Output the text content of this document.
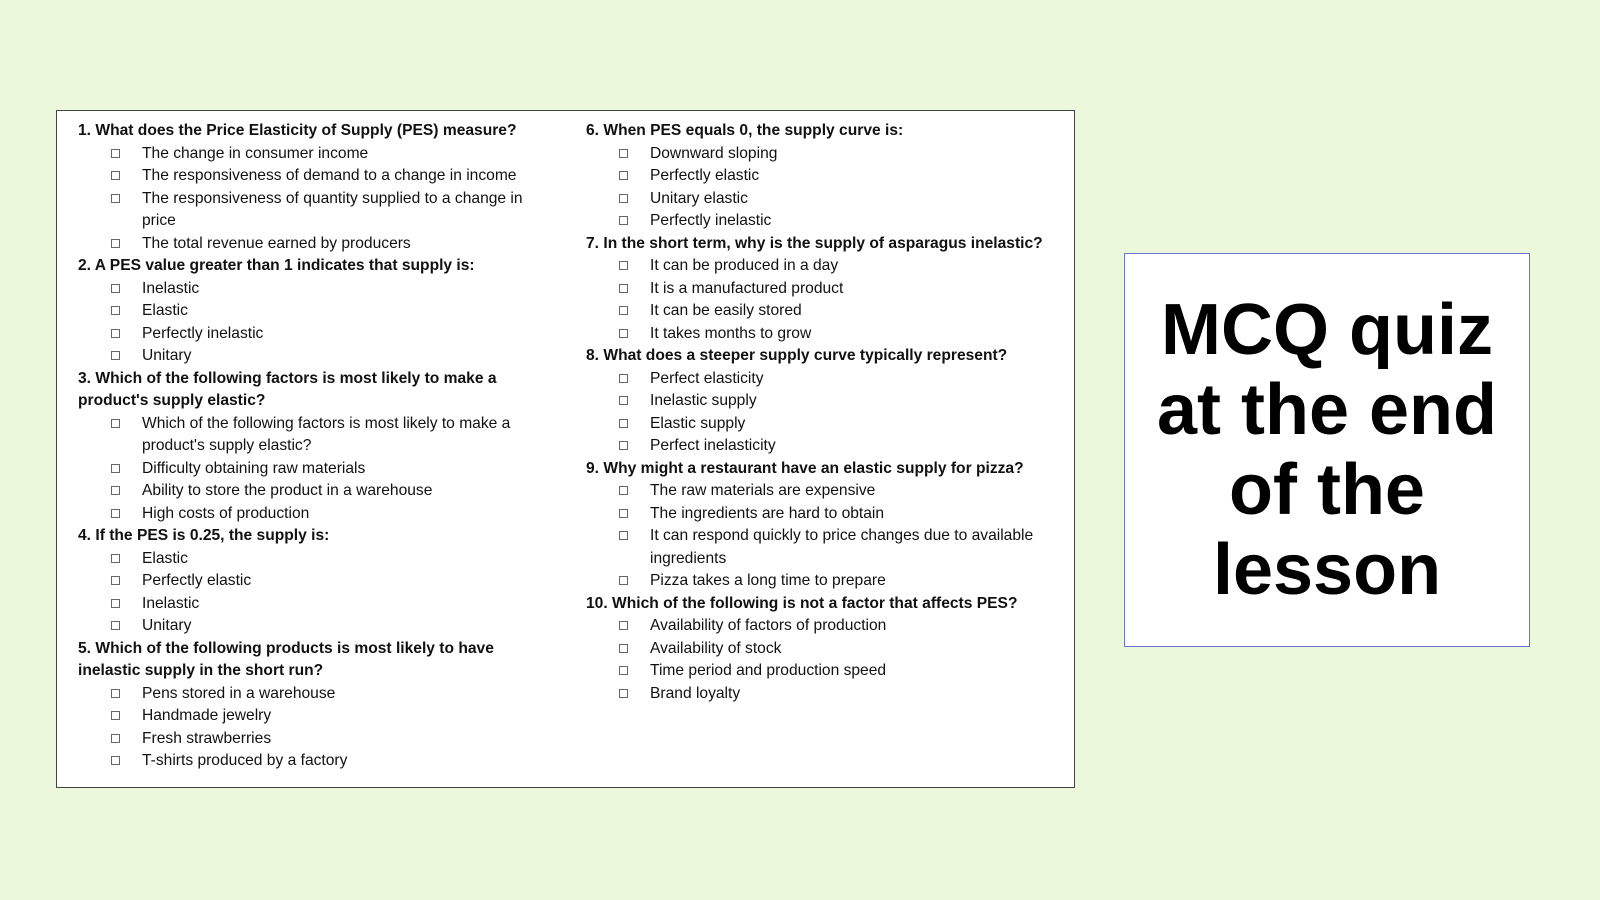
1. What does the Price Elasticity of Supply (PES) measure?

The change in consumer income
The responsiveness of demand to a change in income
The responsiveness of quantity supplied to a change in price
The total revenue earned by producers

2. A PES value greater than 1 indicates that supply is:

Inelastic
Elastic
Perfectly inelastic
Unitary

3. Which of the following factors is most likely to make a product's supply elastic?

Which of the following factors is most likely to make a product's supply elastic?
Difficulty obtaining raw materials
Ability to store the product in a warehouse
High costs of production

4. If the PES is 0.25, the supply is:

Elastic
Perfectly elastic
Inelastic
Unitary

5. Which of the following products is most likely to have inelastic supply in the short run?

Pens stored in a warehouse
Handmade jewelry
Fresh strawberries
T-shirts produced by a factory

6. When PES equals 0, the supply curve is:

Downward sloping
Perfectly elastic
Unitary elastic
Perfectly inelastic

7. In the short term, why is the supply of asparagus inelastic?

It can be produced in a day
It is a manufactured product
It can be easily stored
It takes months to grow

8. What does a steeper supply curve typically represent?

Perfect elasticity
Inelastic supply
Elastic supply
Perfect inelasticity

9. Why might a restaurant have an elastic supply for pizza?

The raw materials are expensive
The ingredients are hard to obtain
It can respond quickly to price changes due to available ingredients
Pizza takes a long time to prepare

10. Which of the following is not a factor that affects PES?

Availability of factors of production
Availability of stock
Time period and production speed
Brand loyalty
MCQ quiz
at the end
of the
lesson
